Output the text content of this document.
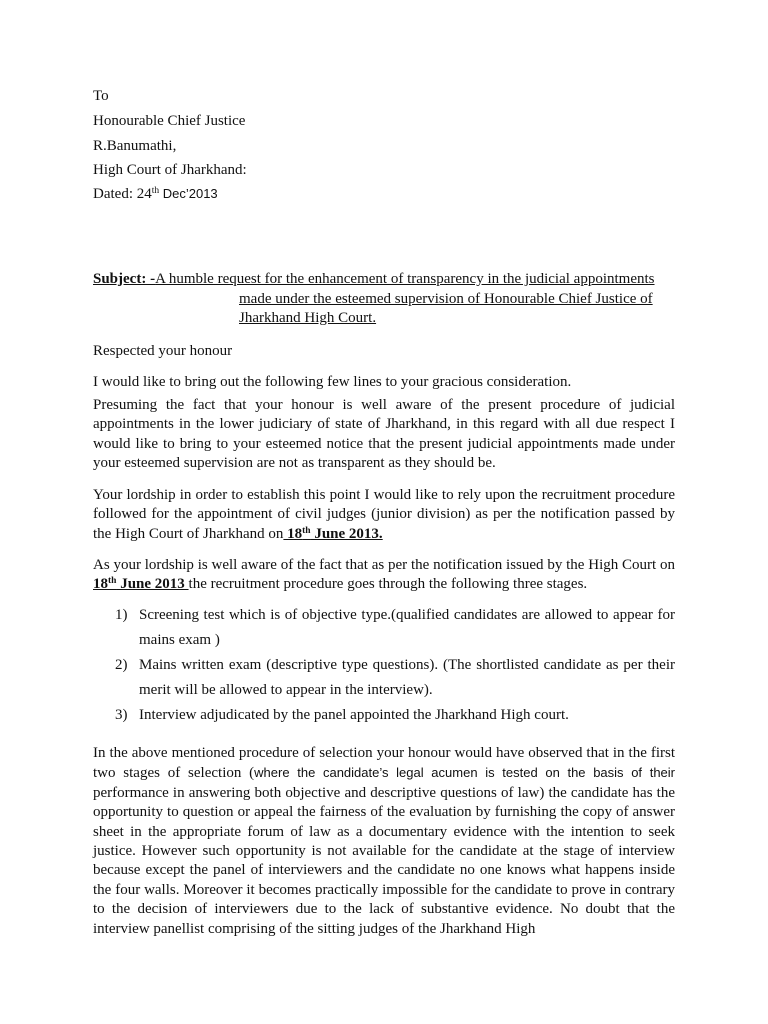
To

Honourable Chief Justice

R.Banumathi,

High Court of Jharkhand:

Dated: 24th Dec’2013

Subject: -A humble request for the enhancement of transparency in the judicial appointments
made under the esteemed supervision of Honourable Chief Justice of
Jharkhand High Court.

Respected your honour

I would like to bring out the following few lines to your gracious consideration.

Presuming the fact that your honour is well aware of the present procedure of judicial appointments in the lower judiciary of state of Jharkhand, in this regard with all due respect I would like to bring to your esteemed notice that the present judicial appointments made under your esteemed supervision are not as transparent as they should be.

Your lordship in order to establish this point I would like to rely upon the recruitment procedure followed for the appointment of civil judges (junior division) as per the notification passed by the High Court of Jharkhand on 18th June 2013.

As your lordship is well aware of the fact that as per the notification issued by the High Court on 18th June 2013 the recruitment procedure goes through the following three stages.

1) Screening test which is of objective type.(qualified candidates are allowed to appear for mains exam )
2) Mains written exam (descriptive type questions). (The shortlisted candidate as per their merit will be allowed to appear in the interview).
3) Interview adjudicated by the panel appointed the Jharkhand High court.

In the above mentioned procedure of selection your honour would have observed that in the first two stages of selection (where the candidate’s legal acumen is tested on the basis of their performance in answering both objective and descriptive questions of law) the candidate has the opportunity to question or appeal the fairness of the evaluation by furnishing the copy of answer sheet in the appropriate forum of law as a documentary evidence with the intention to seek justice. However such opportunity is not available for the candidate at the stage of interview because except the panel of interviewers and the candidate no one knows what happens inside the four walls. Moreover it becomes practically impossible for the candidate to prove in contrary to the decision of interviewers due to the lack of substantive evidence. No doubt that the interview panellist comprising of the sitting judges of the Jharkhand High
